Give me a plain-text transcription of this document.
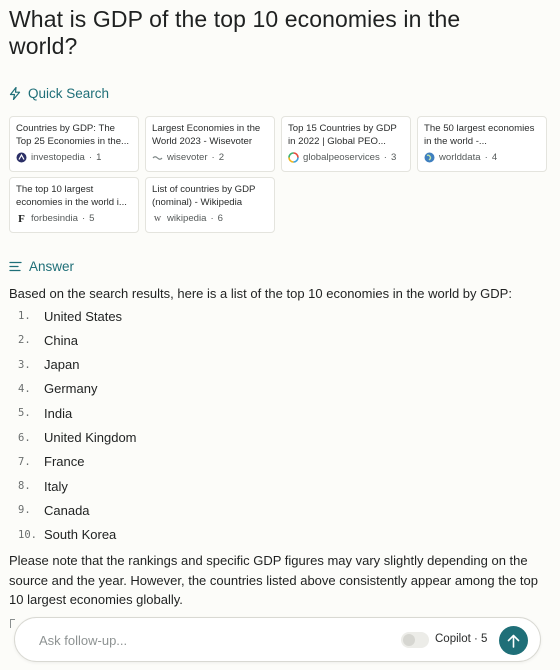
What is GDP of the top 10 economies in the world?
Quick Search
Countries by GDP: The Top 25 Economies in the...
investopedia · 1
Largest Economies in the World 2023 - Wisevoter
wisevoter · 2
Top 15 Countries by GDP in 2022 | Global PEO...
globalpeoservices · 3
The 50 largest economies in the world -...
worlddata · 4
The top 10 largest economies in the world i...
F forbesindia · 5
List of countries by GDP (nominal) - Wikipedia
w wikipedia · 6
Answer

Based on the search results, here is a list of the top 10 economies in the world by GDP:

1.	United States
2.	China
3.	Japan
4.	Germany
5.	India
6.	United Kingdom
7.	France
8.	Italy
9.	Canada
10. South Korea

Please note that the rankings and specific GDP figures may vary slightly depending on the source and the year. However, the countries listed above consistently appear among the top 10 largest economies globally.

Ask follow-up...
Copilot · 5
